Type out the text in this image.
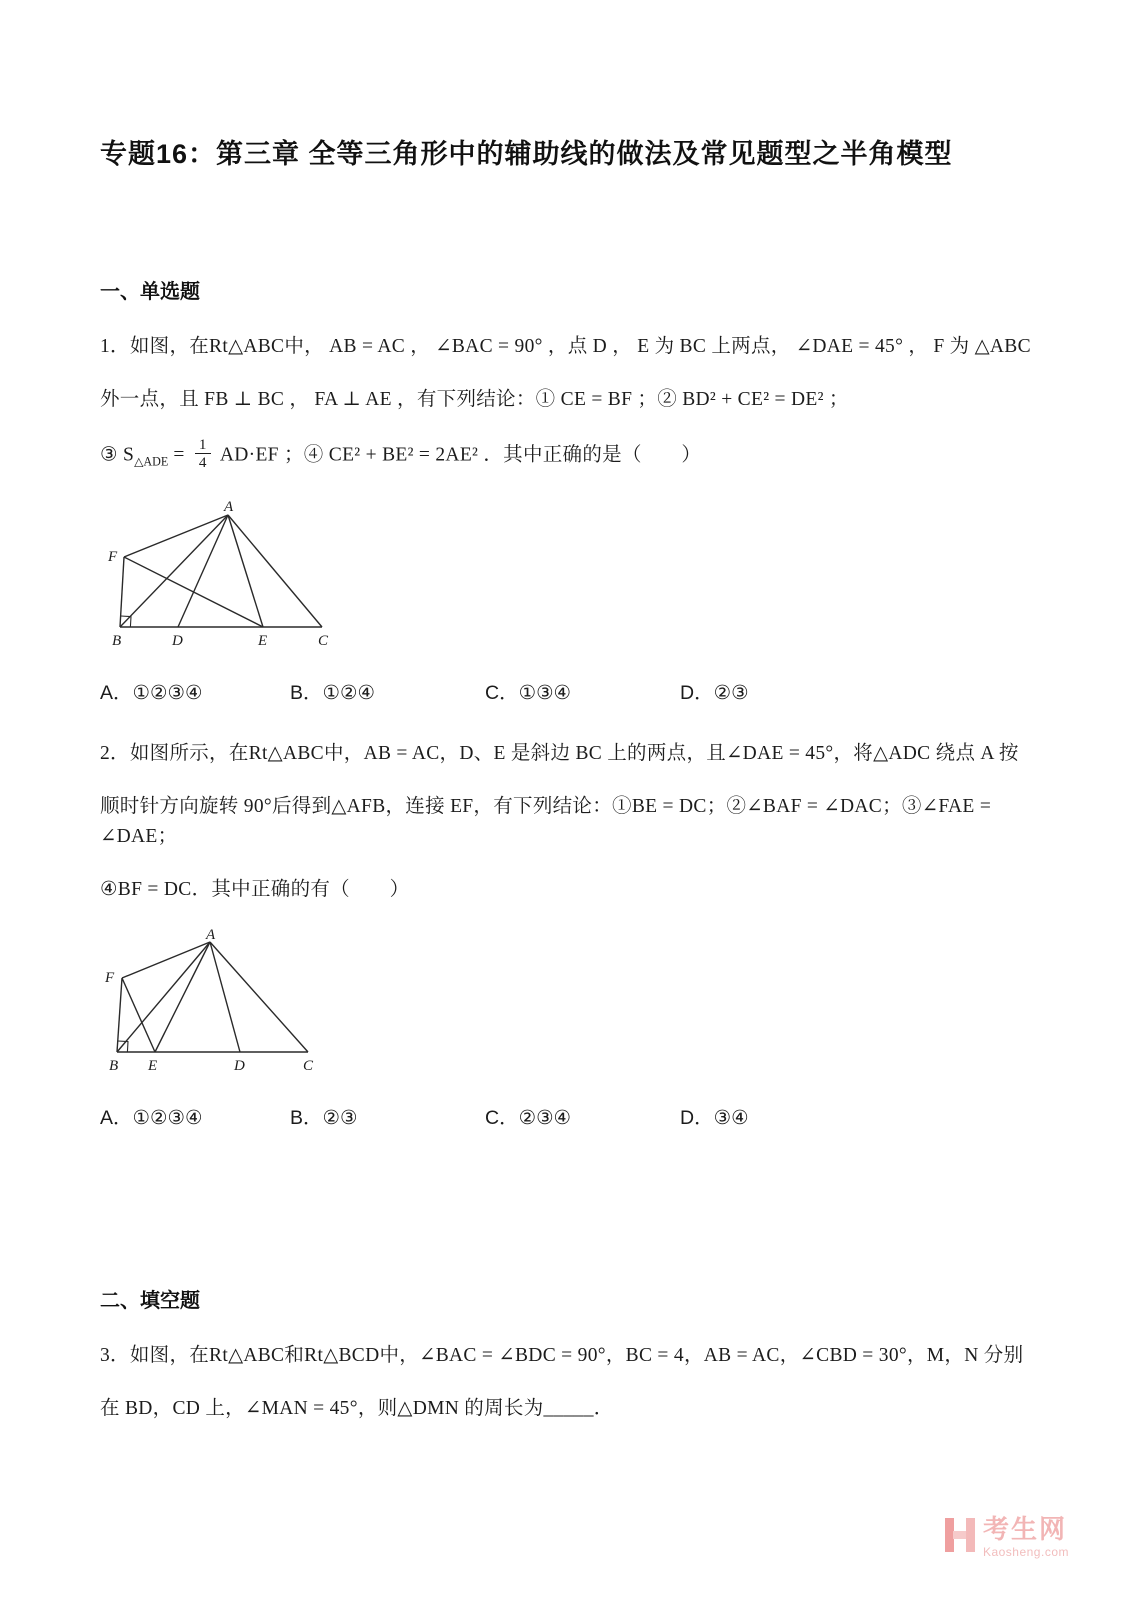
专题16：第三章 全等三角形中的辅助线的做法及常见题型之半角模型
一、单选题

1．如图，在Rt△ABC中， AB = AC ， ∠BAC = 90° ，点 D ， E 为 BC 上两点， ∠DAE = 45° ， F 为 △ABC

外一点，且 FB ⊥ BC ， FA ⊥ AE ，有下列结论：① CE = BF ；② BD² + CE² = DE² ；

③ $S_{\triangle ADE} = \frac{1}{4} AD\cdot EF$ ；④ CE² + BE² = 2AE² ．其中正确的是（　　）

A
F
B	D	E	C
A．①②③④	B．①②④	C．①③④	D．②③

2．如图所示，在Rt△ABC中，AB = AC，D、E 是斜边 BC 上的两点，且∠DAE = 45°，将△ADC 绕点 A 按

顺时针方向旋转 90°后得到△AFB，连接 EF，有下列结论：①BE = DC；②∠BAF = ∠DAC；③∠FAE = ∠DAE；

④BF = DC．其中正确的有（　　）

A
F
B E	D	C
A．①②③④	B．②③	C．②③④	D．③④
二、填空题

3．如图，在Rt△ABC和Rt△BCD中，∠BAC = ∠BDC = 90°，BC = 4，AB = AC，∠CBD = 30°，M，N 分别

在 BD，CD 上，∠MAN = 45°，则△DMN 的周长为_____．

考生网
Kaosheng.com
